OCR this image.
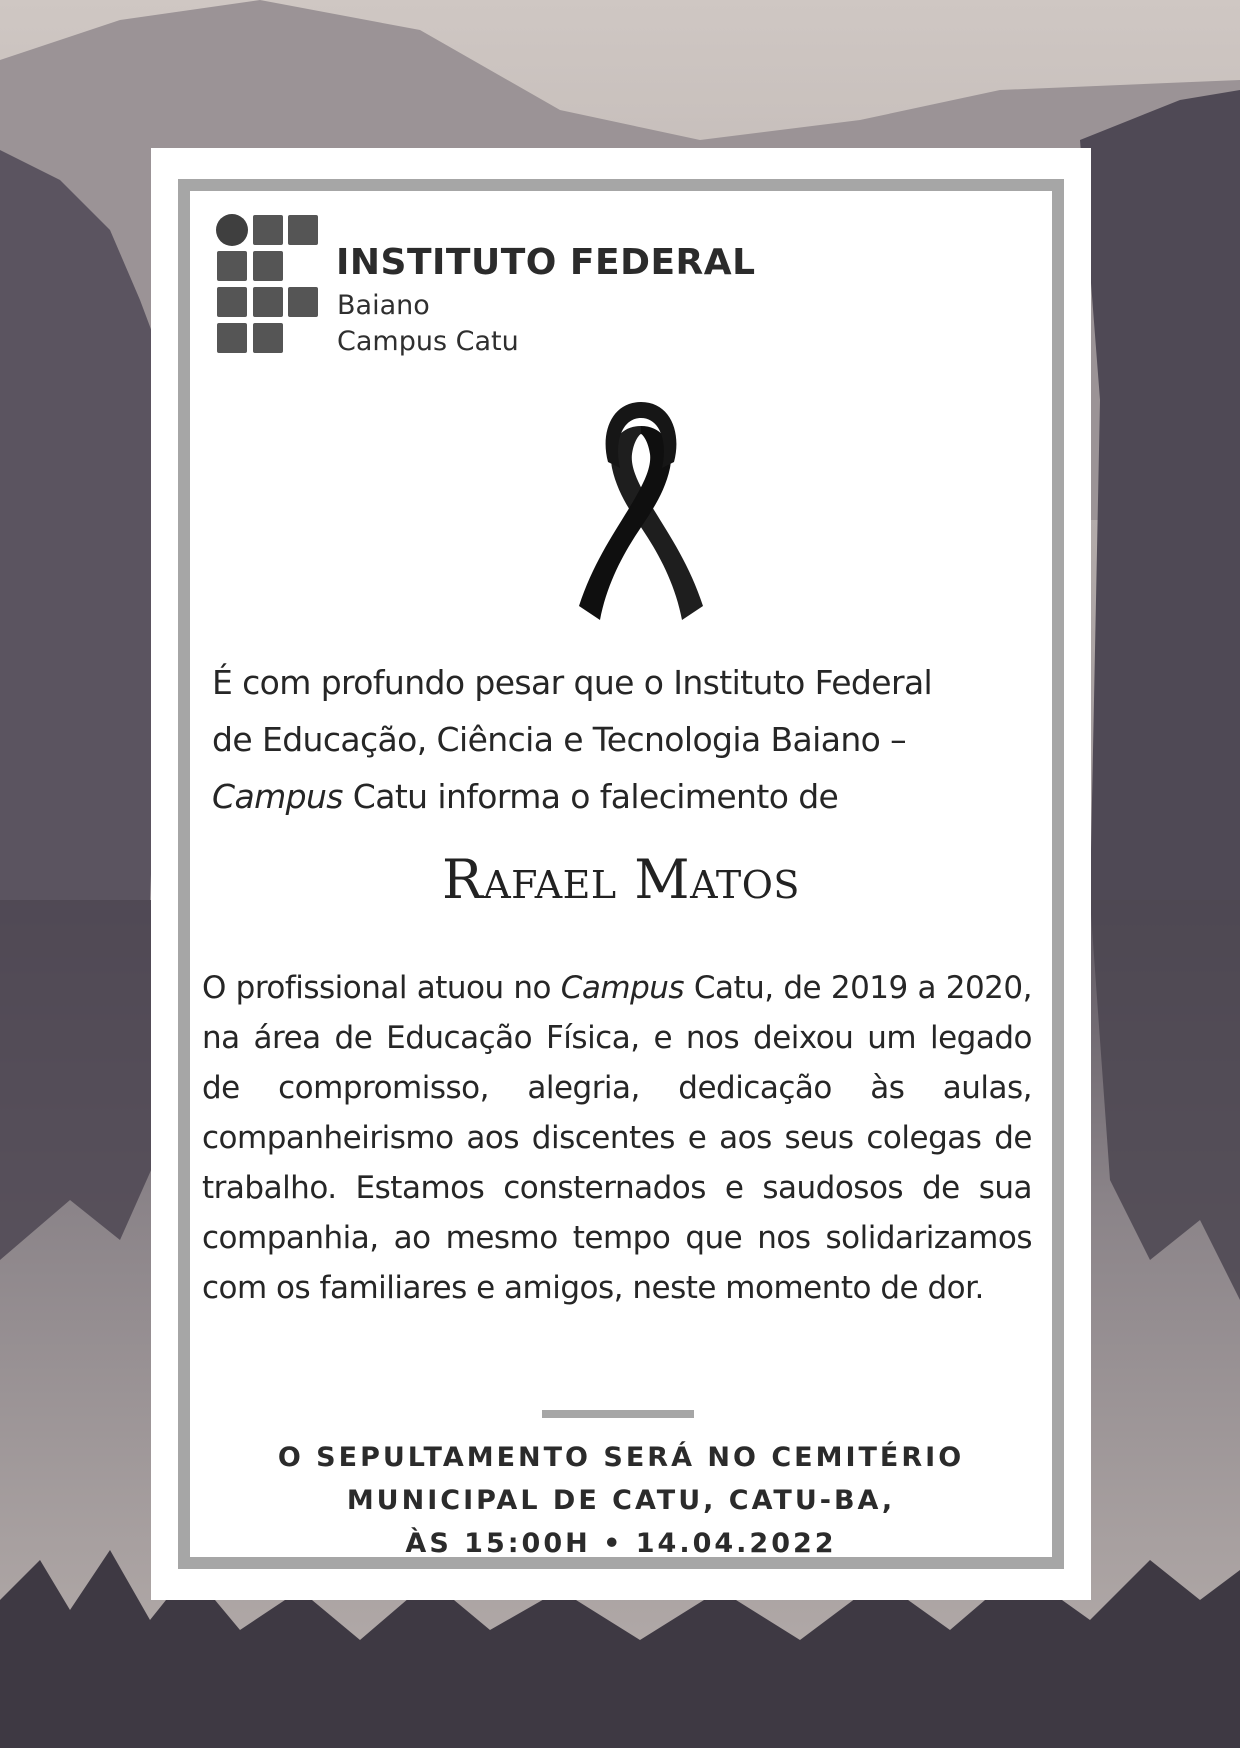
INSTITUTO FEDERAL

Baiano

Campus Catu

É com profundo pesar que o Instituto Federal
de Educação, Ciência e Tecnologia Baiano –
Campus Catu informa o falecimento de

Rafael Matos

O profissional atuou no Campus Catu, de 2019 a 2020, na área de Educação Física, e nos deixou um legado de compromisso, alegria, dedicação às aulas, companheirismo aos discentes e aos seus colegas de trabalho. Estamos consternados e saudosos de sua companhia, ao mesmo tempo que nos solidarizamos com os familiares e amigos, neste momento de dor.

O SEPULTAMENTO SERÁ NO CEMITÉRIO
MUNICIPAL DE CATU, CATU-BA,
ÀS 15:00H • 14.04.2022
